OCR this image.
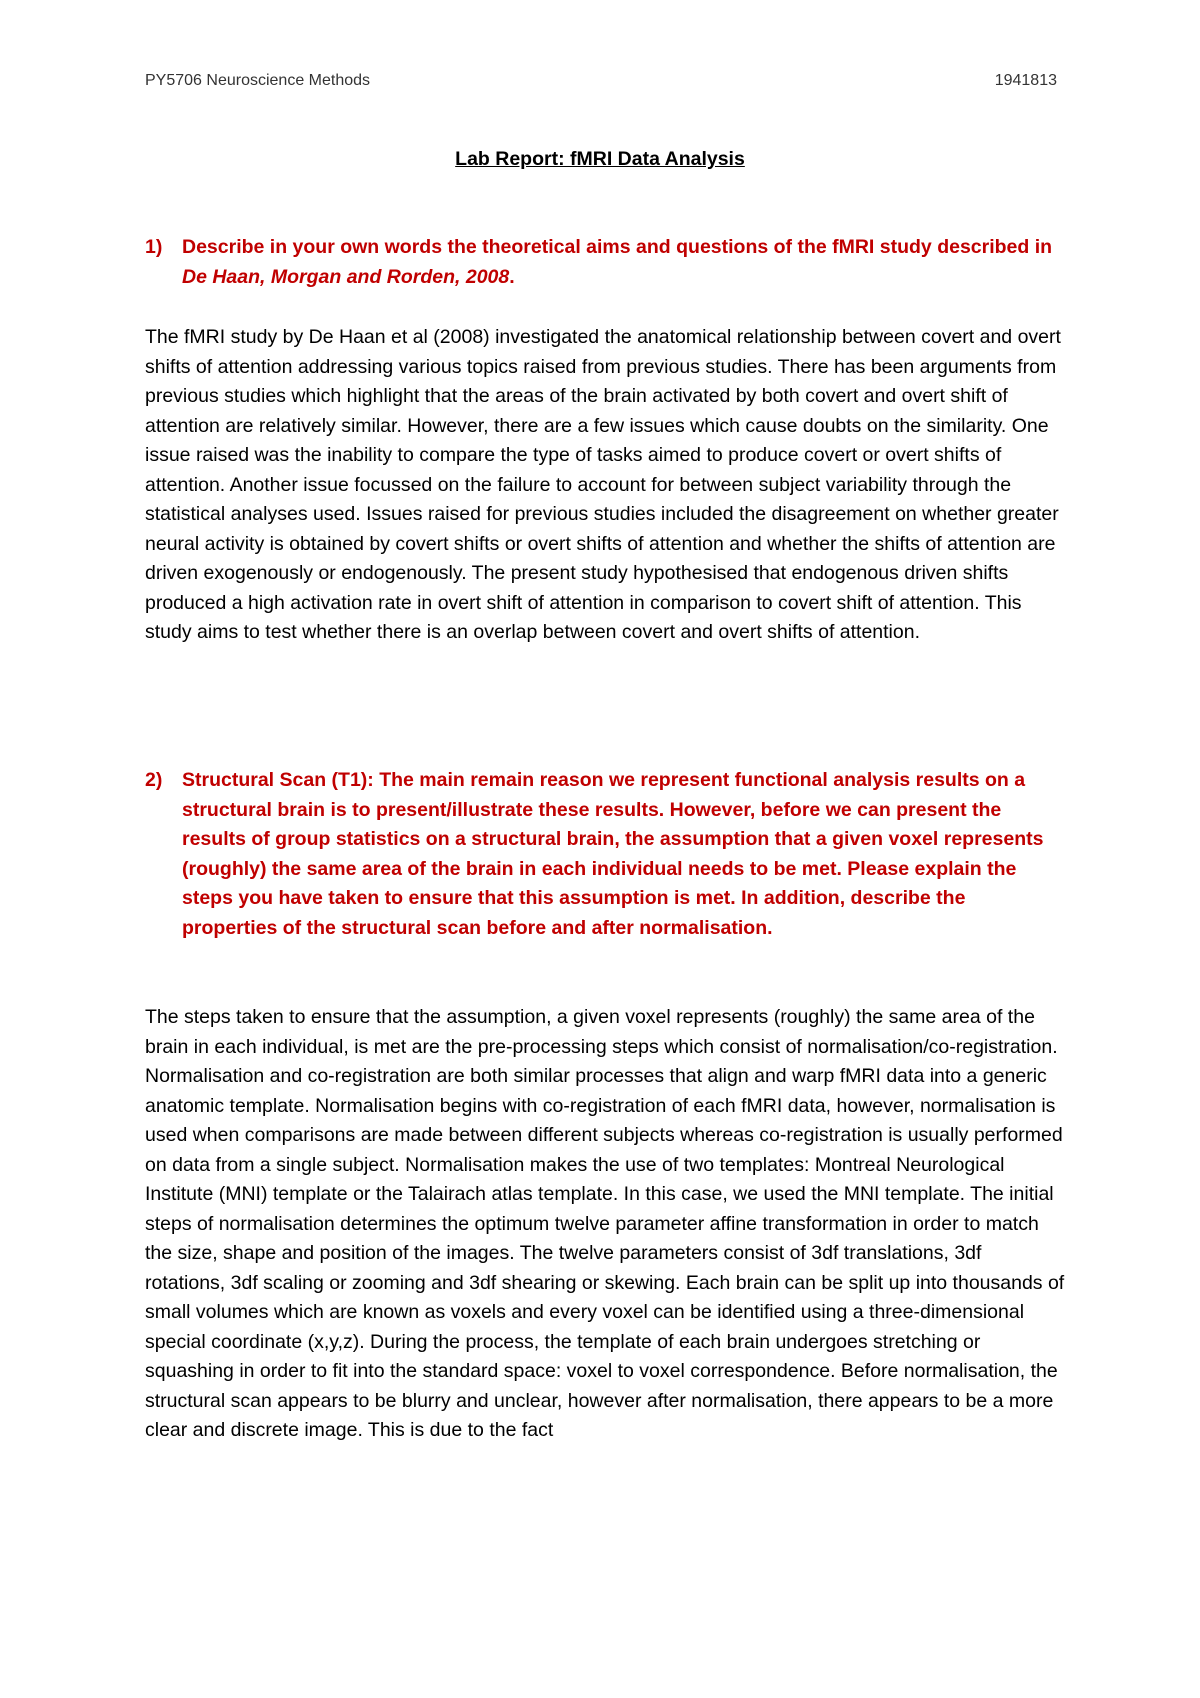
PY5706 Neuroscience Methods	1941813
Lab Report: fMRI Data Analysis
1) Describe in your own words the theoretical aims and questions of the fMRI study described in De Haan, Morgan and Rorden, 2008.

The fMRI study by De Haan et al (2008) investigated the anatomical relationship between covert and overt shifts of attention addressing various topics raised from previous studies. There has been arguments from previous studies which highlight that the areas of the brain activated by both covert and overt shift of attention are relatively similar. However, there are a few issues which cause doubts on the similarity. One issue raised was the inability to compare the type of tasks aimed to produce covert or overt shifts of attention. Another issue focussed on the failure to account for between subject variability through the statistical analyses used. Issues raised for previous studies included the disagreement on whether greater neural activity is obtained by covert shifts or overt shifts of attention and whether the shifts of attention are driven exogenously or endogenously. The present study hypothesised that endogenous driven shifts produced a high activation rate in overt shift of attention in comparison to covert shift of attention. This study aims to test whether there is an overlap between covert and overt shifts of attention.

2) Structural Scan (T1): The main remain reason we represent functional analysis results on a structural brain is to present/illustrate these results. However, before we can present the results of group statistics on a structural brain, the assumption that a given voxel represents (roughly) the same area of the brain in each individual needs to be met. Please explain the steps you have taken to ensure that this assumption is met. In addition, describe the properties of the structural scan before and after normalisation.

The steps taken to ensure that the assumption, a given voxel represents (roughly) the same area of the brain in each individual, is met are the pre-processing steps which consist of normalisation/co-registration. Normalisation and co-registration are both similar processes that align and warp fMRI data into a generic anatomic template. Normalisation begins with co-registration of each fMRI data, however, normalisation is used when comparisons are made between different subjects whereas co-registration is usually performed on data from a single subject. Normalisation makes the use of two templates: Montreal Neurological Institute (MNI) template or the Talairach atlas template. In this case, we used the MNI template. The initial steps of normalisation determines the optimum twelve parameter affine transformation in order to match the size, shape and position of the images. The twelve parameters consist of 3df translations, 3df rotations, 3df scaling or zooming and 3df shearing or skewing. Each brain can be split up into thousands of small volumes which are known as voxels and every voxel can be identified using a three-dimensional special coordinate (x,y,z). During the process, the template of each brain undergoes stretching or squashing in order to fit into the standard space: voxel to voxel correspondence. Before normalisation, the structural scan appears to be blurry and unclear, however after normalisation, there appears to be a more clear and discrete image. This is due to the fact
